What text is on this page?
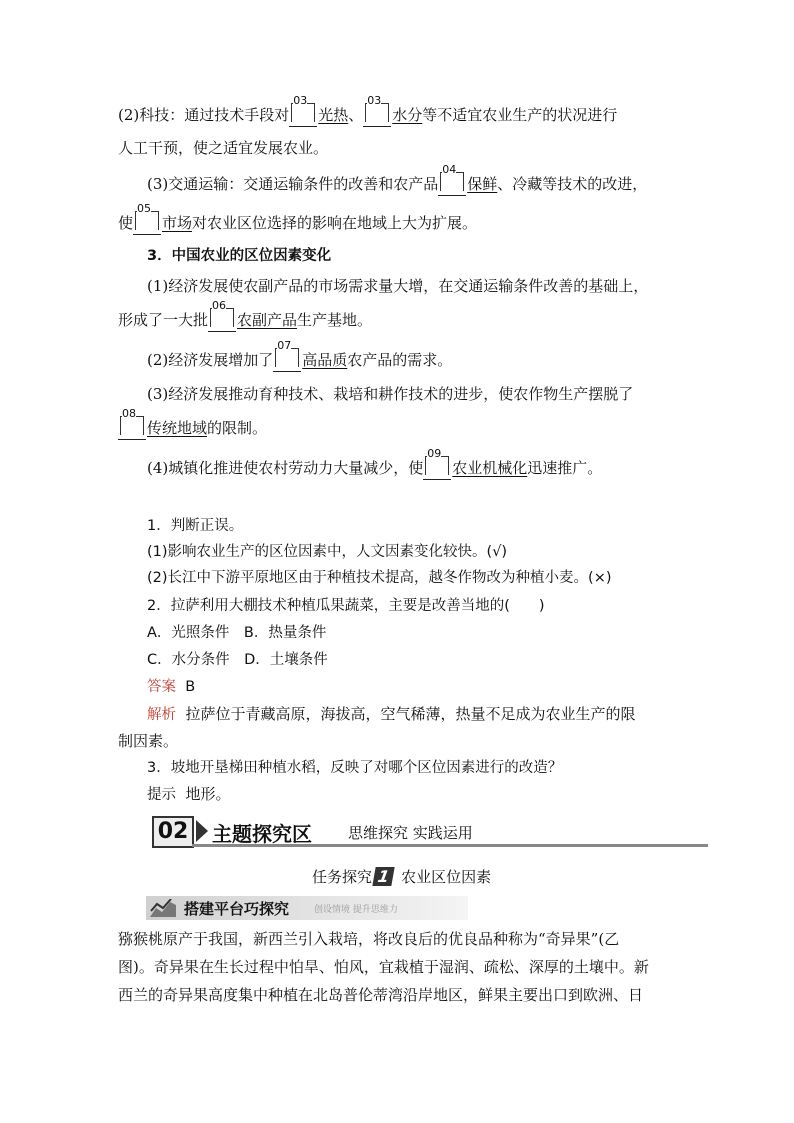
(2)科技：通过技术手段对
03
光热、
03
水分等不适宜农业生产的状况进行
人工干预，使之适宜发展农业。
(3)交通运输：交通运输条件的改善和农产品
04
保鲜、冷藏等技术的改进，
使
05
市场对农业区位选择的影响在地域上大为扩展。
3．中国农业的区位因素变化
(1)经济发展使农副产品的市场需求量大增，在交通运输条件改善的基础上，
形成了一大批
06
农副产品生产基地。
(2)经济发展增加了
07
高品质农产品的需求。
(3)经济发展推动育种技术、栽培和耕作技术的进步，使农作物生产摆脱了
08
传统地域的限制。
(4)城镇化推进使农村劳动力大量减少，使
09
农业机械化迅速推广。
1．判断正误。
(1)影响农业生产的区位因素中，人文因素变化较快。(√)
(2)长江中下游平原地区由于种植技术提高，越冬作物改为种植小麦。(×)
2．拉萨利用大棚技术种植瓜果蔬菜，主要是改善当地的(　　)
A．光照条件　B．热量条件
C．水分条件　D．土壤条件
答案 B
解析 拉萨位于青藏高原，海拔高，空气稀薄，热量不足成为农业生产的限
制因素。
3．坡地开垦梯田种植水稻，反映了对哪个区位因素进行的改造？
提示 地形。
02 主题探究区 思维探究 实践运用
任务探究 1 农业区位因素
搭建平台巧探究	创设情境 提升思维力
猕猴桃原产于我国，新西兰引入栽培，将改良后的优良品种称为“奇异果”(乙
图)。奇异果在生长过程中怕旱、怕风，宜栽植于湿润、疏松、深厚的土壤中。新
西兰的奇异果高度集中种植在北岛普伦蒂湾沿岸地区，鲜果主要出口到欧洲、日
